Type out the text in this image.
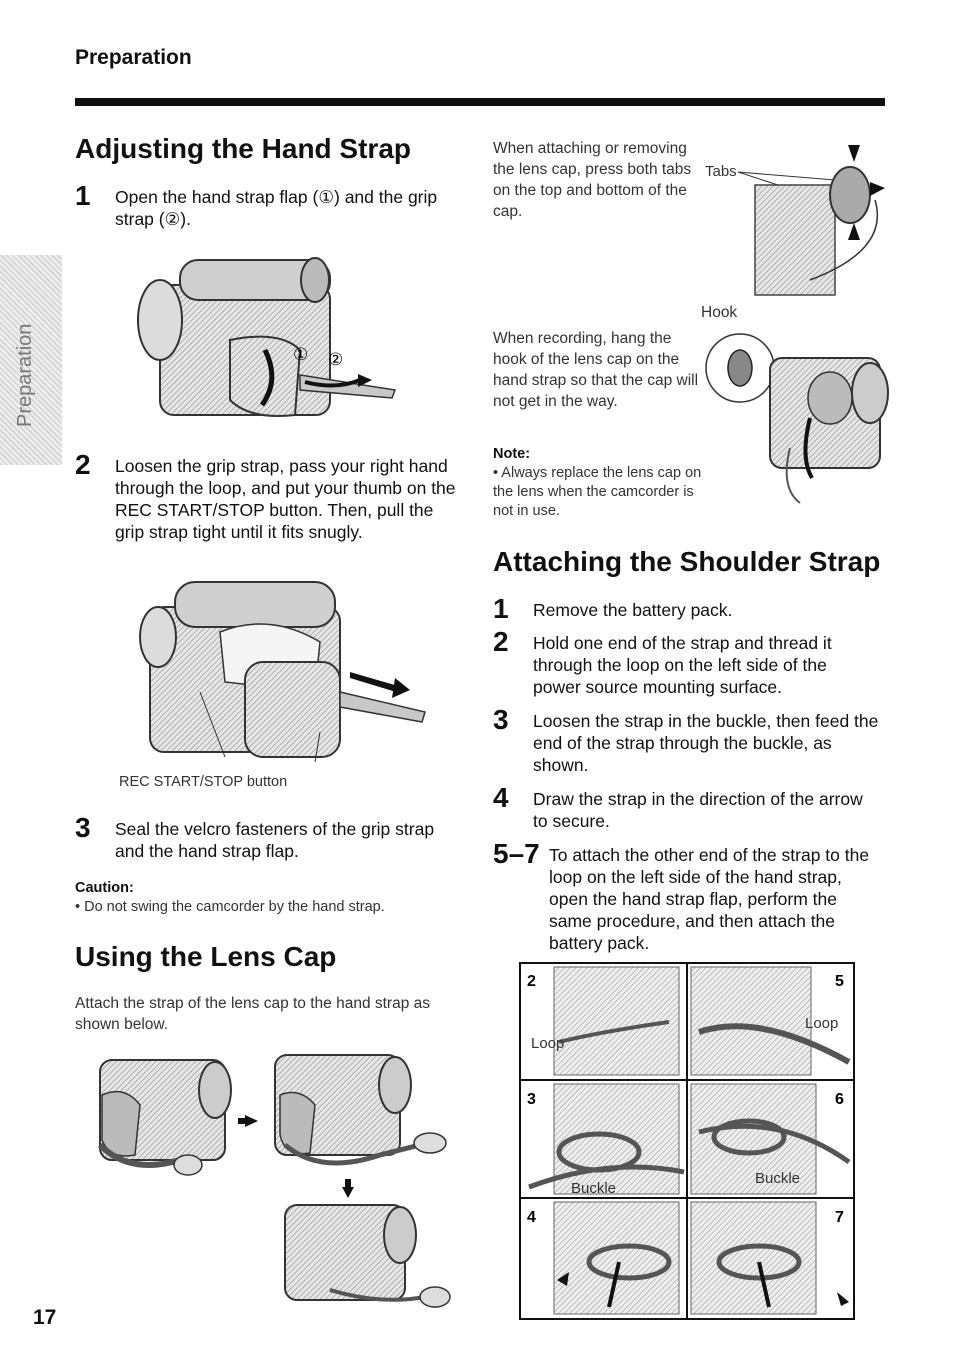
Preparation
Preparation
Adjusting the Hand Strap
1 Open the hand strap flap (①) and the grip strap (②).
① ②
2 Loosen the grip strap, pass your right hand through the loop, and put your thumb on the REC START/STOP button. Then, pull the grip strap tight until it fits snugly.
REC START/STOP button
3 Seal the velcro fasteners of the grip strap and the hand strap flap.
Caution:
• Do not swing the camcorder by the hand strap.
Using the Lens Cap
Attach the strap of the lens cap to the hand strap as shown below.
17
When attaching or removing the lens cap, press both tabs on the top and bottom of the cap.
Tabs
Hook
When recording, hang the hook of the lens cap on the hand strap so that the cap will not get in the way.
Note:
• Always replace the lens cap on the lens when the camcorder is not in use.
Attaching the Shoulder Strap
1 Remove the battery pack.
2 Hold one end of the strap and thread it through the loop on the left side of the power source mounting surface.
3 Loosen the strap in the buckle, then feed the end of the strap through the buckle, as shown.
4 Draw the strap in the direction of the arrow to secure.
5–7 To attach the other end of the strap to the loop on the left side of the hand strap, open the hand strap flap, perform the same procedure, and then attach the battery pack.
2
Loop
5
Loop
3
Buckle
6
Buckle
4	7
